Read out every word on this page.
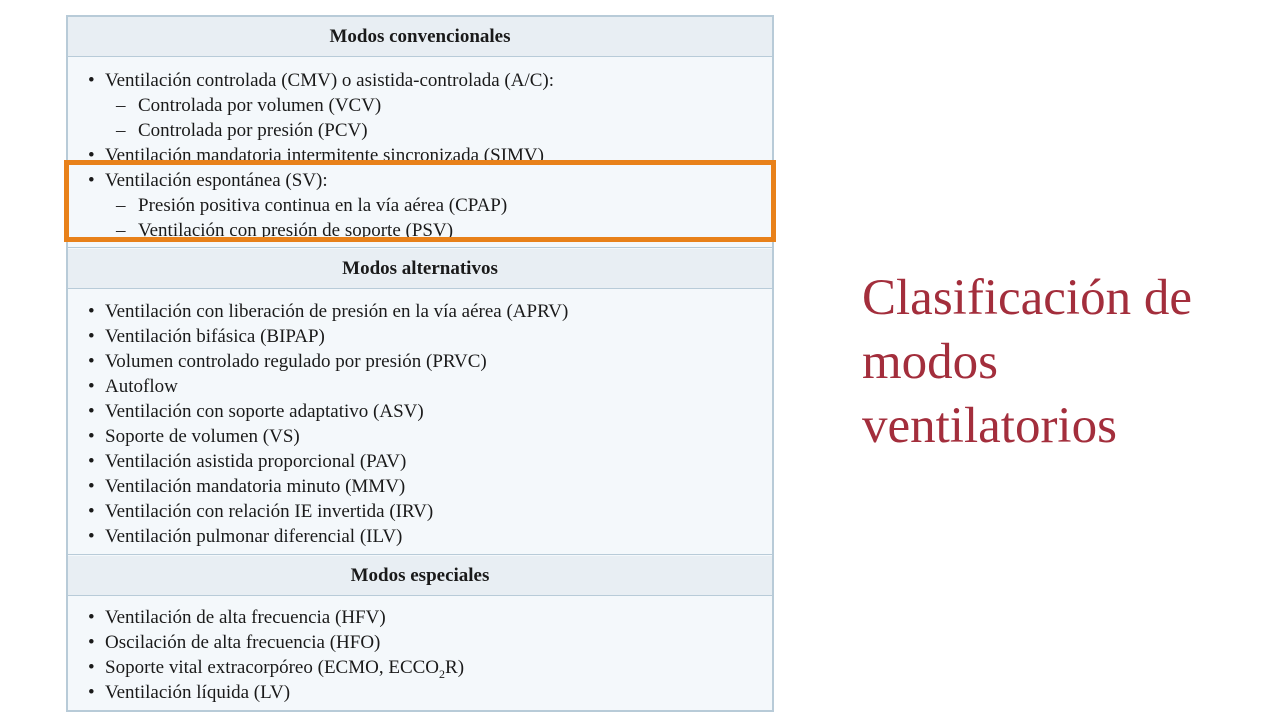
Modos convencionales
• Ventilación controlada (CMV) o asistida-controlada (A/C):
– Controlada por volumen (VCV)
– Controlada por presión (PCV)
• Ventilación mandatoria intermitente sincronizada (SIMV)
• Ventilación espontánea (SV):
– Presión positiva continua en la vía aérea (CPAP)
– Ventilación con presión de soporte (PSV)
Modos alternativos
• Ventilación con liberación de presión en la vía aérea (APRV)
• Ventilación bifásica (BIPAP)
• Volumen controlado regulado por presión (PRVC)
• Autoflow
• Ventilación con soporte adaptativo (ASV)
• Soporte de volumen (VS)
• Ventilación asistida proporcional (PAV)
• Ventilación mandatoria minuto (MMV)
• Ventilación con relación IE invertida (IRV)
• Ventilación pulmonar diferencial (ILV)
Modos especiales
• Ventilación de alta frecuencia (HFV)
• Oscilación de alta frecuencia (HFO)
• Soporte vital extracorpóreo (ECMO, $ECCO_2R$)
• Ventilación líquida (LV)
Clasificación de
modos
ventilatorios
